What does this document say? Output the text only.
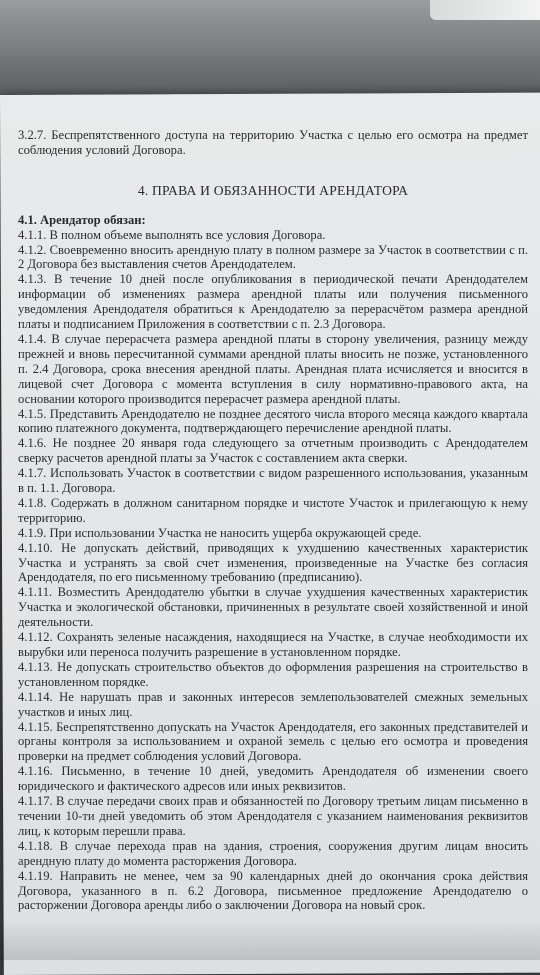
3.2.7. Беспрепятственного доступа на территорию Участка с целью его осмотра на предмет соблюдения условий Договора.

4. ПРАВА И ОБЯЗАННОСТИ АРЕНДАТОРА

4.1. Арендатор обязан:

4.1.1. В полном объеме выполнять все условия Договора.

4.1.2. Своевременно вносить арендную плату в полном размере за Участок в соответствии с п. 2 Договора без выставления счетов Арендодателем.

4.1.3. В течение 10 дней после опубликования в периодической печати Арендодателем информации об изменениях размера арендной платы или получения письменного уведомления Арендодателя обратиться к Арендодателю за перерасчётом размера арендной платы и подписанием Приложения в соответствии с п. 2.3 Договора.

4.1.4. В случае перерасчета размера арендной платы в сторону увеличения, разницу между прежней и вновь пересчитанной суммами арендной платы вносить не позже, установленного п. 2.4 Договора, срока внесения арендной платы. Арендная плата исчисляется и вносится в лицевой счет Договора с момента вступления в силу нормативно-правового акта, на основании которого производится перерасчет размера арендной платы.

4.1.5. Представить Арендодателю не позднее десятого числа второго месяца каждого квартала копию платежного документа, подтверждающего перечисление арендной платы.

4.1.6. Не позднее 20 января года следующего за отчетным производить с Арендодателем сверку расчетов арендной платы за Участок с составлением акта сверки.

4.1.7. Использовать Участок в соответствии с видом разрешенного использования, указанным в п. 1.1. Договора.

4.1.8. Содержать в должном санитарном порядке и чистоте Участок и прилегающую к нему территорию.

4.1.9. При использовании Участка не наносить ущерба окружающей среде.

4.1.10. Не допускать действий, приводящих к ухудшению качественных характеристик Участка и устранять за свой счет изменения, произведенные на Участке без согласия Арендодателя, по его письменному требованию (предписанию).

4.1.11. Возместить Арендодателю убытки в случае ухудшения качественных характеристик Участка и экологической обстановки, причиненных в результате своей хозяйственной и иной деятельности.

4.1.12. Сохранять зеленые насаждения, находящиеся на Участке, в случае необходимости их вырубки или переноса получить разрешение в установленном порядке.

4.1.13. Не допускать строительство объектов до оформления разрешения на строительство в установленном порядке.

4.1.14. Не нарушать прав и законных интересов землепользователей смежных земельных участков и иных лиц.

4.1.15. Беспрепятственно допускать на Участок Арендодателя, его законных представителей и органы контроля за использованием и охраной земель с целью его осмотра и проведения проверки на предмет соблюдения условий Договора.

4.1.16. Письменно, в течение 10 дней, уведомить Арендодателя об изменении своего юридического и фактического адресов или иных реквизитов.

4.1.17. В случае передачи своих прав и обязанностей по Договору третьим лицам письменно в течении 10-ти дней уведомить об этом Арендодателя с указанием наименования реквизитов лиц, к которым перешли права.

4.1.18. В случае перехода прав на здания, строения, сооружения другим лицам вносить арендную плату до момента расторжения Договора.

4.1.19. Направить не менее, чем за 90 календарных дней до окончания срока действия Договора, указанного в п. 6.2 Договора, письменное предложение Арендодателю о расторжении Договора аренды либо о заключении Договора на новый срок.
